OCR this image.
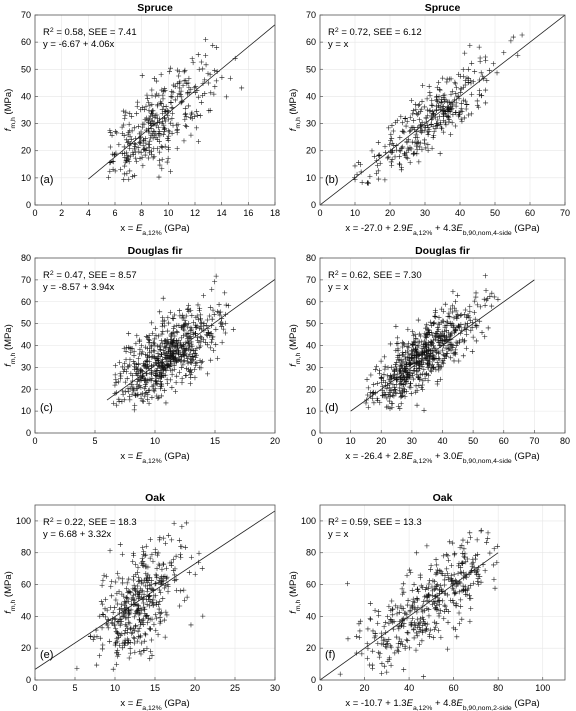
0 2 4 6 8 10 12 14 16 18
0
10
20
30
40
50
60
70
Spruce
$R^2 = 0.58$, SEE = 7.41
y = -6.67 + 4.06x
(a)
$x = E_{a,12\%}$ (GPa)
$f_{m,h}$ (MPa)
0	10	20	30	40	50	60	70
0
10
20
30
40
50
60
70
Spruce
$R^2 = 0.72$, SEE = 6.12
y = x
(b)
$x = -27.0 + 2.9E_{a,12\%} + 4.3E_{b,90,nom,4-side}$ (GPa)
$f_{m,h}$ (MPa)
0	5	10	15	20
0
10
20
30
40
50
60
70
80
Douglas fir
$R^2 = 0.47$, SEE = 8.57
y = -8.57 + 3.94x
(c)
$x = E_{a,12\%}$ (GPa)
$f_{m,h}$ (MPa)
0	10 20 30 40 50 60 70 80
0
10
20
30
40
50
60
70
80
Douglas fir
$R^2 = 0.62$, SEE = 7.30
y = x
(d)
$x = -26.4 + 2.8E_{a,12\%} + 3.0E_{b,90,nom,4-side}$ (GPa)
$f_{m,h}$ (MPa)
0	5	10	15	20	25	30
0
20
40
60
80
100
Oak
$R^2 = 0.22$, SEE = 18.3
y = 6.68 + 3.32x
(e)
$x = E_{a,12\%}$ (GPa)
$f_{m,h}$ (MPa)
0	20	40	60	80	100
0
20
40
60
80
100
Oak
$R^2 = 0.59$, SEE = 13.3
y = x
(f)
$x = -10.7 + 1.3E_{a,12\%} + 4.8E_{b,90,nom,2-side}$ (GPa)
$f_{m,h}$ (MPa)
